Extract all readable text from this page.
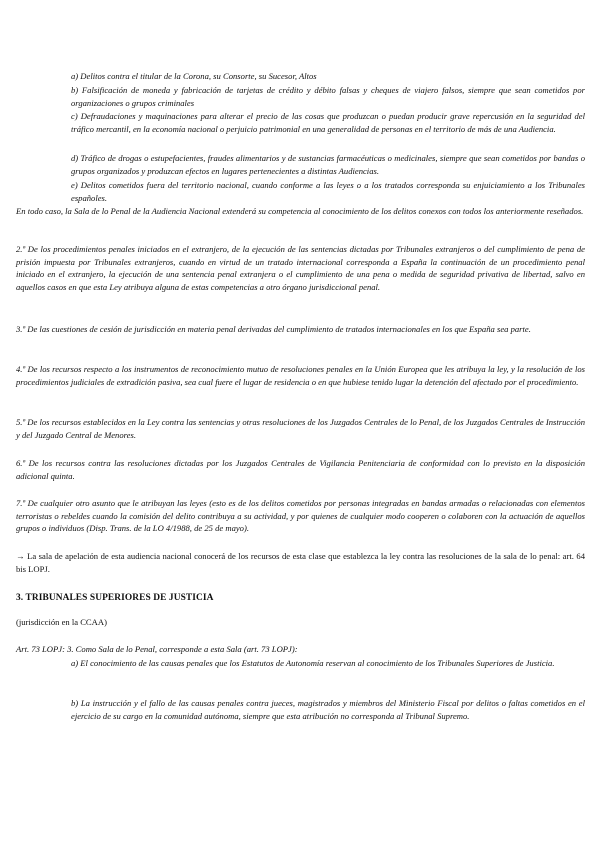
a) Delitos contra el titular de la Corona, su Consorte, su Sucesor, Altos

b) Falsificación de moneda y fabricación de tarjetas de crédito y débito falsas y cheques de viajero falsos, siempre que sean cometidos por organizaciones o grupos criminales

c) Defraudaciones y maquinaciones para alterar el precio de las cosas que produzcan o puedan producir grave repercusión en la seguridad del tráfico mercantil, en la economía nacional o perjuicio patrimonial en una generalidad de personas en el territorio de más de una Audiencia.

d) Tráfico de drogas o estupefacientes, fraudes alimentarios y de sustancias farmacéuticas o medicinales, siempre que sean cometidos por bandas o grupos organizados y produzcan efectos en lugares pertenecientes a distintas Audiencias.

e) Delitos cometidos fuera del territorio nacional, cuando conforme a las leyes o a los tratados corresponda su enjuiciamiento a los Tribunales españoles.

En todo caso, la Sala de lo Penal de la Audiencia Nacional extenderá su competencia al conocimiento de los delitos conexos con todos los anteriormente reseñados.

2.º De los procedimientos penales iniciados en el extranjero, de la ejecución de las sentencias dictadas por Tribunales extranjeros o del cumplimiento de pena de prisión impuesta por Tribunales extranjeros, cuando en virtud de un tratado internacional corresponda a España la continuación de un procedimiento penal iniciado en el extranjero, la ejecución de una sentencia penal extranjera o el cumplimiento de una pena o medida de seguridad privativa de libertad, salvo en aquellos casos en que esta Ley atribuya alguna de estas competencias a otro órgano jurisdiccional penal.

3.º De las cuestiones de cesión de jurisdicción en materia penal derivadas del cumplimiento de tratados internacionales en los que España sea parte.

4.º De los recursos respecto a los instrumentos de reconocimiento mutuo de resoluciones penales en la Unión Europea que les atribuya la ley, y la resolución de los procedimientos judiciales de extradición pasiva, sea cual fuere el lugar de residencia o en que hubiese tenido lugar la detención del afectado por el procedimiento.

5.º De los recursos establecidos en la Ley contra las sentencias y otras resoluciones de los Juzgados Centrales de lo Penal, de los Juzgados Centrales de Instrucción y del Juzgado Central de Menores.

6.º De los recursos contra las resoluciones dictadas por los Juzgados Centrales de Vigilancia Penitenciaria de conformidad con lo previsto en la disposición adicional quinta.

7.º De cualquier otro asunto que le atribuyan las leyes (esto es de los delitos cometidos por personas integradas en bandas armadas o relacionadas con elementos terroristas o rebeldes cuando la comisión del delito contribuya a su actividad, y por quienes de cualquier modo cooperen o colaboren con la actuación de aquellos grupos o individuos (Disp. Trans. de la LO 4/1988, de 25 de mayo).

→ La sala de apelación de esta audiencia nacional conocerá de los recursos de esta clase que establezca la ley contra las resoluciones de la sala de lo penal: art. 64 bis LOPJ.

3. TRIBUNALES SUPERIORES DE JUSTICIA

(jurisdicción en la CCAA)

Art. 73 LOPJ: 3. Como Sala de lo Penal, corresponde a esta Sala (art. 73 LOPJ):

a) El conocimiento de las causas penales que los Estatutos de Autonomía reservan al conocimiento de los Tribunales Superiores de Justicia.

b) La instrucción y el fallo de las causas penales contra jueces, magistrados y miembros del Ministerio Fiscal por delitos o faltas cometidos en el ejercicio de su cargo en la comunidad autónoma, siempre que esta atribución no corresponda al Tribunal Supremo.
